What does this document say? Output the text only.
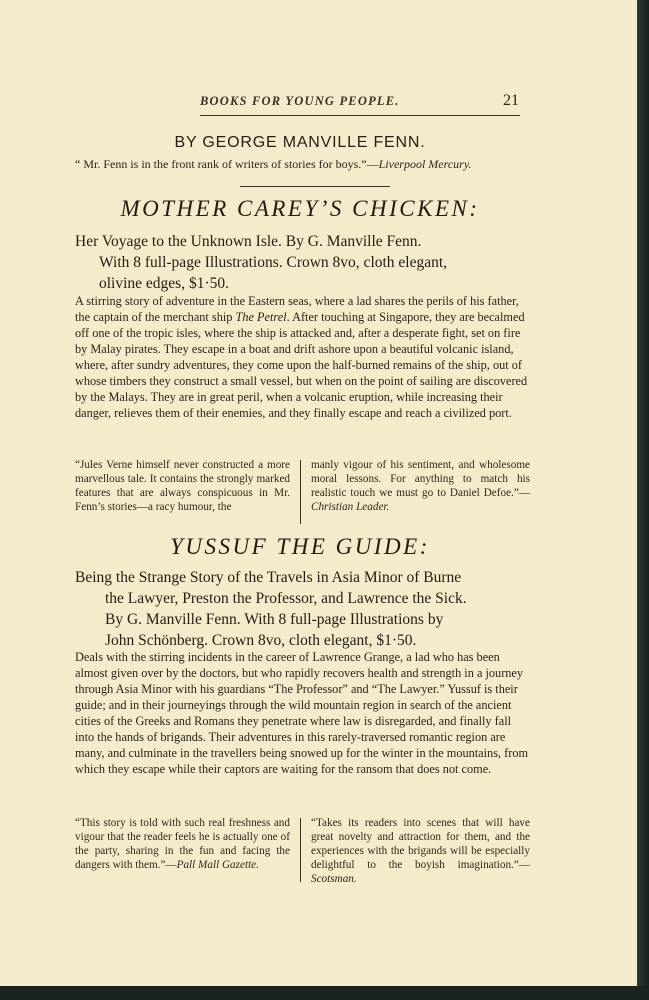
BOOKS FOR YOUNG PEOPLE.	21
BY GEORGE MANVILLE FENN.
“ Mr. Fenn is in the front rank of writers of stories for boys.”—Liverpool Mercury.
MOTHER CAREY’S CHICKEN:
Her Voyage to the Unknown Isle. By G. Manville Fenn.
With 8 full-page Illustrations. Crown 8vo, cloth elegant,
olivine edges, $1·50.
A stirring story of adventure in the Eastern seas, where a lad shares the perils of his father, the captain of the merchant ship The Petrel. After touching at Singapore, they are becalmed off one of the tropic isles, where the ship is attacked and, after a desperate fight, set on fire by Malay pirates. They escape in a boat and drift ashore upon a beautiful volcanic island, where, after sundry adventures, they come upon the half-burned remains of the ship, out of whose timbers they construct a small vessel, but when on the point of sailing are discovered by the Malays. They are in great peril, when a volcanic eruption, while increasing their danger, relieves them of their enemies, and they finally escape and reach a civilized port.
“Jules Verne himself never constructed a more marvellous tale. It contains the strongly marked features that are always conspicuous in Mr. Fenn’s stories—a racy humour, the
manly vigour of his sentiment, and wholesome moral lessons. For anything to match his realistic touch we must go to Daniel Defoe.”—Christian Leader.
YUSSUF THE GUIDE:
Being the Strange Story of the Travels in Asia Minor of Burne
the Lawyer, Preston the Professor, and Lawrence the Sick.
By G. Manville Fenn. With 8 full-page Illustrations by
John Schönberg. Crown 8vo, cloth elegant, $1·50.
Deals with the stirring incidents in the career of Lawrence Grange, a lad who has been almost given over by the doctors, but who rapidly recovers health and strength in a journey through Asia Minor with his guardians “The Professor” and “The Lawyer.” Yussuf is their guide; and in their journeyings through the wild mountain region in search of the ancient cities of the Greeks and Romans they penetrate where law is disregarded, and finally fall into the hands of brigands. Their adventures in this rarely-traversed romantic region are many, and culminate in the travellers being snowed up for the winter in the mountains, from which they escape while their captors are waiting for the ransom that does not come.
“This story is told with such real freshness and vigour that the reader feels he is actually one of the party, sharing in the fun and facing the dangers with them.”—Pall Mall Gazette.
“Takes its readers into scenes that will have great novelty and attraction for them, and the experiences with the brigands will be especially delightful to the boyish imagination.”—Scotsman.
